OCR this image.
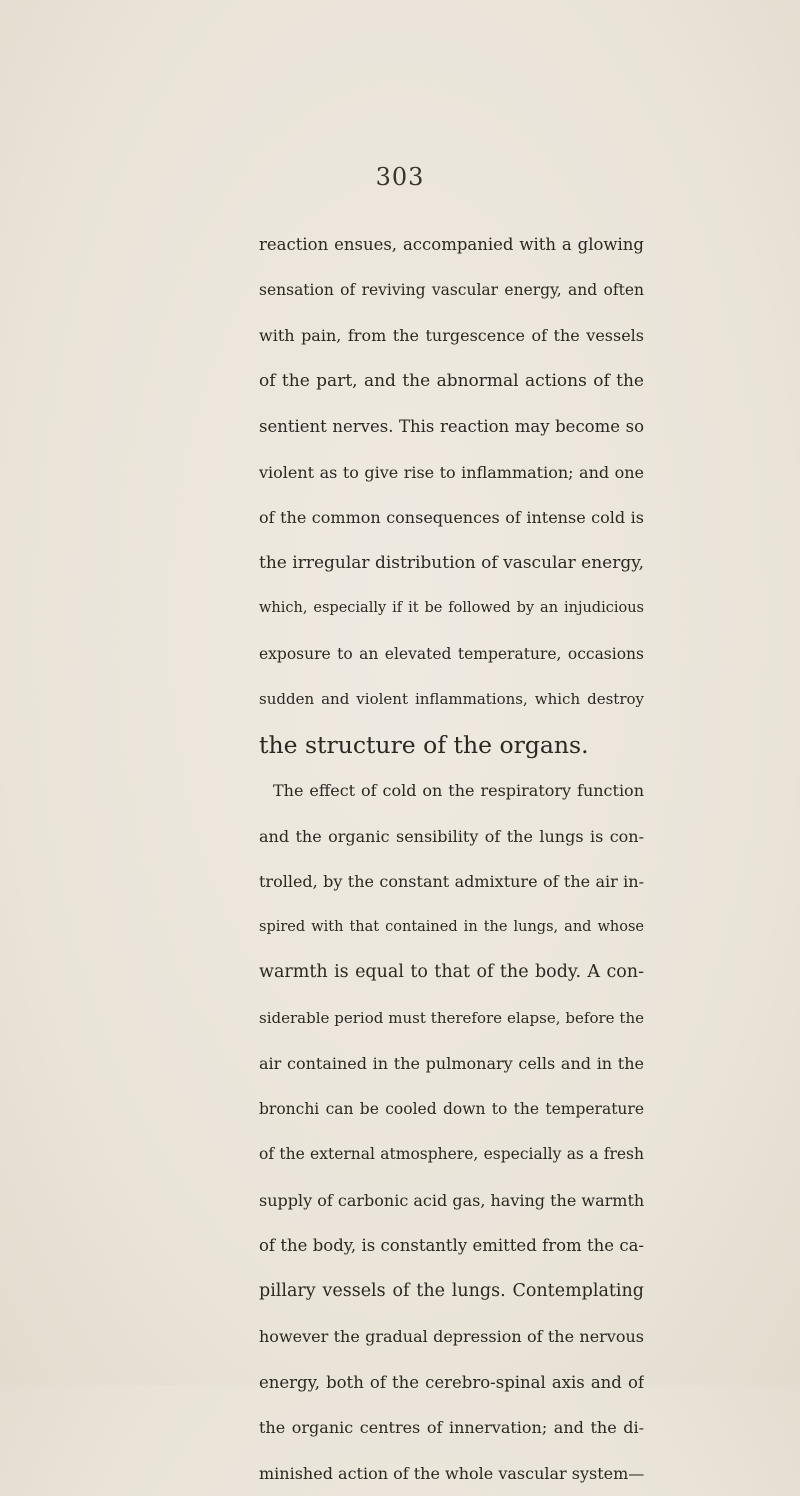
303
reaction ensues, accompanied with a glowing
sensation of reviving vascular energy, and often
with pain, from the turgescence of the vessels
of the part, and the abnormal actions of the
sentient nerves. This reaction may become so
violent as to give rise to inflammation; and one
of the common consequences of intense cold is
the irregular distribution of vascular energy,
which, especially if it be followed by an injudicious
exposure to an elevated temperature, occasions
sudden and violent inflammations, which destroy
the structure of the organs.
The effect of cold on the respiratory function
and the organic sensibility of the lungs is con-
trolled, by the constant admixture of the air in-
spired with that contained in the lungs, and whose
warmth is equal to that of the body. A con-
siderable period must therefore elapse, before the
air contained in the pulmonary cells and in the
bronchi can be cooled down to the temperature
of the external atmosphere, especially as a fresh
supply of carbonic acid gas, having the warmth
of the body, is constantly emitted from the ca-
pillary vessels of the lungs. Contemplating
however the gradual depression of the nervous
energy, both of the cerebro-spinal axis and of
the organic centres of innervation; and the di-
minished action of the whole vascular system—
